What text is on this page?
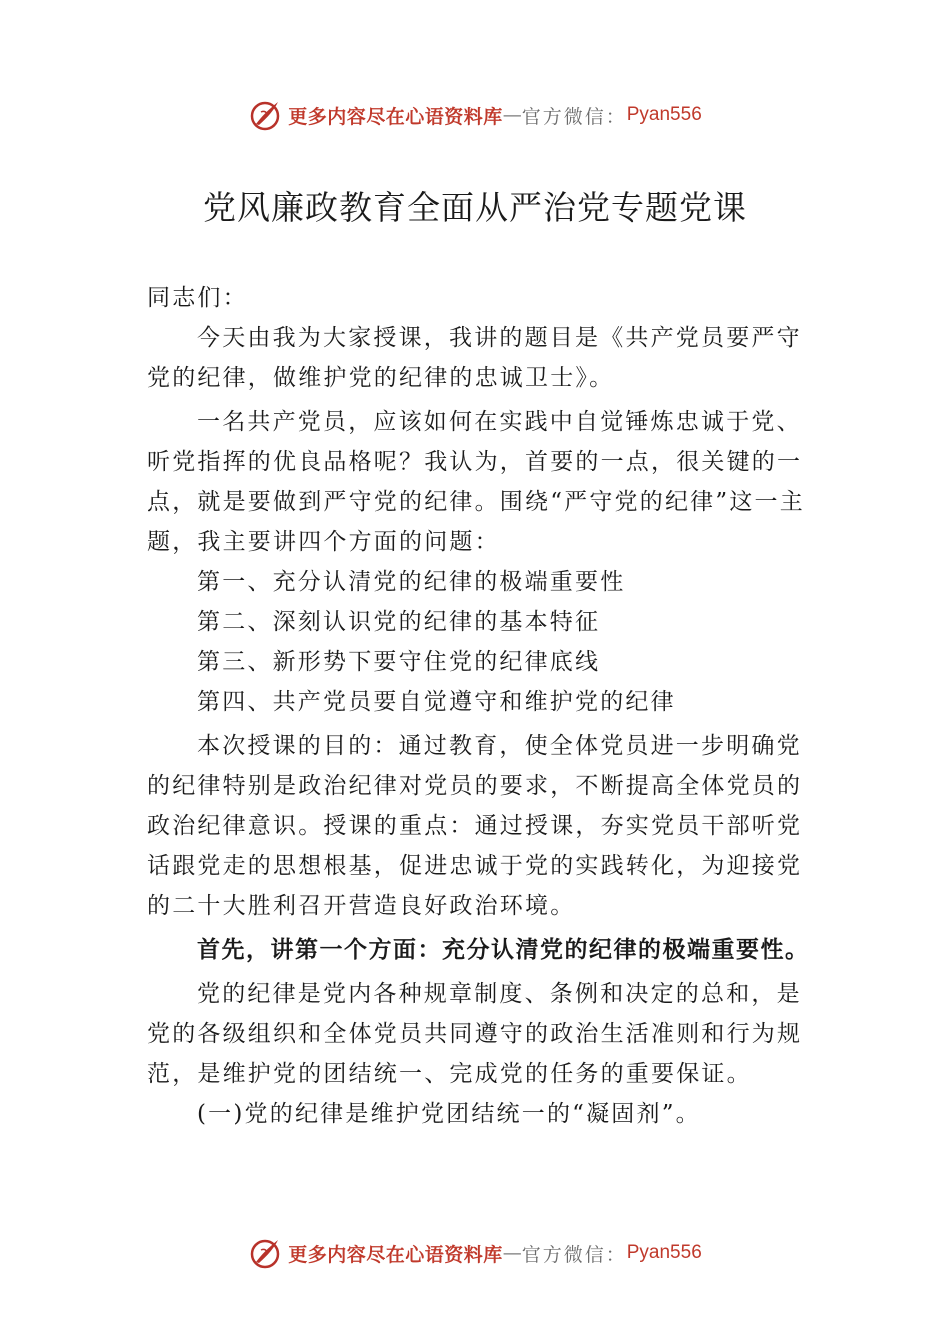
更多内容尽在心语资料库 — 官方微信： Pyan556
党风廉政教育全面从严治党专题党课

同志们：

今天由我为大家授课，我讲的题目是《共产党员要严守党的纪律，做维护党的纪律的忠诚卫士》。

一名共产党员，应该如何在实践中自觉锤炼忠诚于党、听党指挥的优良品格呢？我认为，首要的一点，很关键的一点，就是要做到严守党的纪律。围绕“严守党的纪律”这一主题，我主要讲四个方面的问题：

第一、充分认清党的纪律的极端重要性

第二、深刻认识党的纪律的基本特征

第三、新形势下要守住党的纪律底线

第四、共产党员要自觉遵守和维护党的纪律

本次授课的目的：通过教育，使全体党员进一步明确党的纪律特别是政治纪律对党员的要求，不断提高全体党员的政治纪律意识。授课的重点：通过授课，夯实党员干部听党话跟党走的思想根基，促进忠诚于党的实践转化，为迎接党的二十大胜利召开营造良好政治环境。

首先，讲第一个方面：充分认清党的纪律的极端重要性。

党的纪律是党内各种规章制度、条例和决定的总和，是党的各级组织和全体党员共同遵守的政治生活准则和行为规范，是维护党的团结统一、完成党的任务的重要保证。

(一)党的纪律是维护党团结统一的“凝固剂”。

更多内容尽在心语资料库 — 官方微信： Pyan556
